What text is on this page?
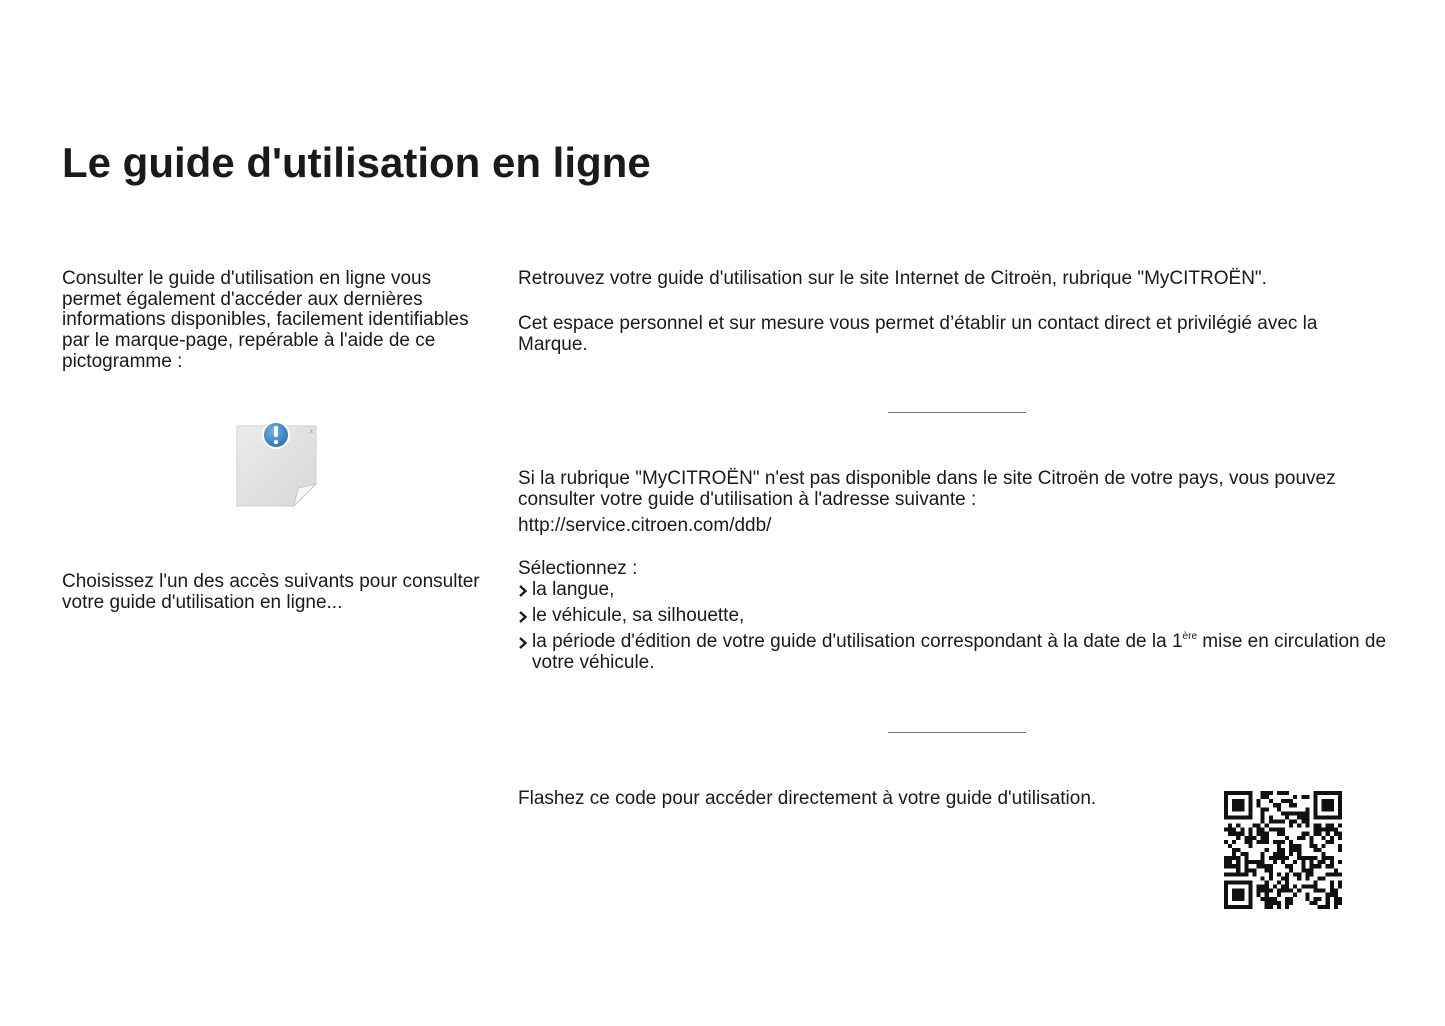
Le guide d'utilisation en ligne

Consulter le guide d'utilisation en ligne vous permet également d'accéder aux dernières informations disponibles, facilement identifiables par le marque-page, repérable à l'aide de ce pictogramme :

x

Choisissez l'un des accès suivants pour consulter votre guide d'utilisation en ligne...

Retrouvez votre guide d'utilisation sur le site Internet de Citroën, rubrique "MyCITROËN".

Cet espace personnel et sur mesure vous permet d’établir un contact direct et privilégié avec la Marque.

Si la rubrique "MyCITROËN" n'est pas disponible dans le site Citroën de votre pays, vous pouvez consulter votre guide d'utilisation à l'adresse suivante :

http://service.citroen.com/ddb/

Sélectionnez :

la langue,
le véhicule, sa silhouette,
la période d'édition de votre guide d'utilisation correspondant à la date de la 1ère mise en circulation de votre véhicule.

Flashez ce code pour accéder directement à votre guide d'utilisation.
